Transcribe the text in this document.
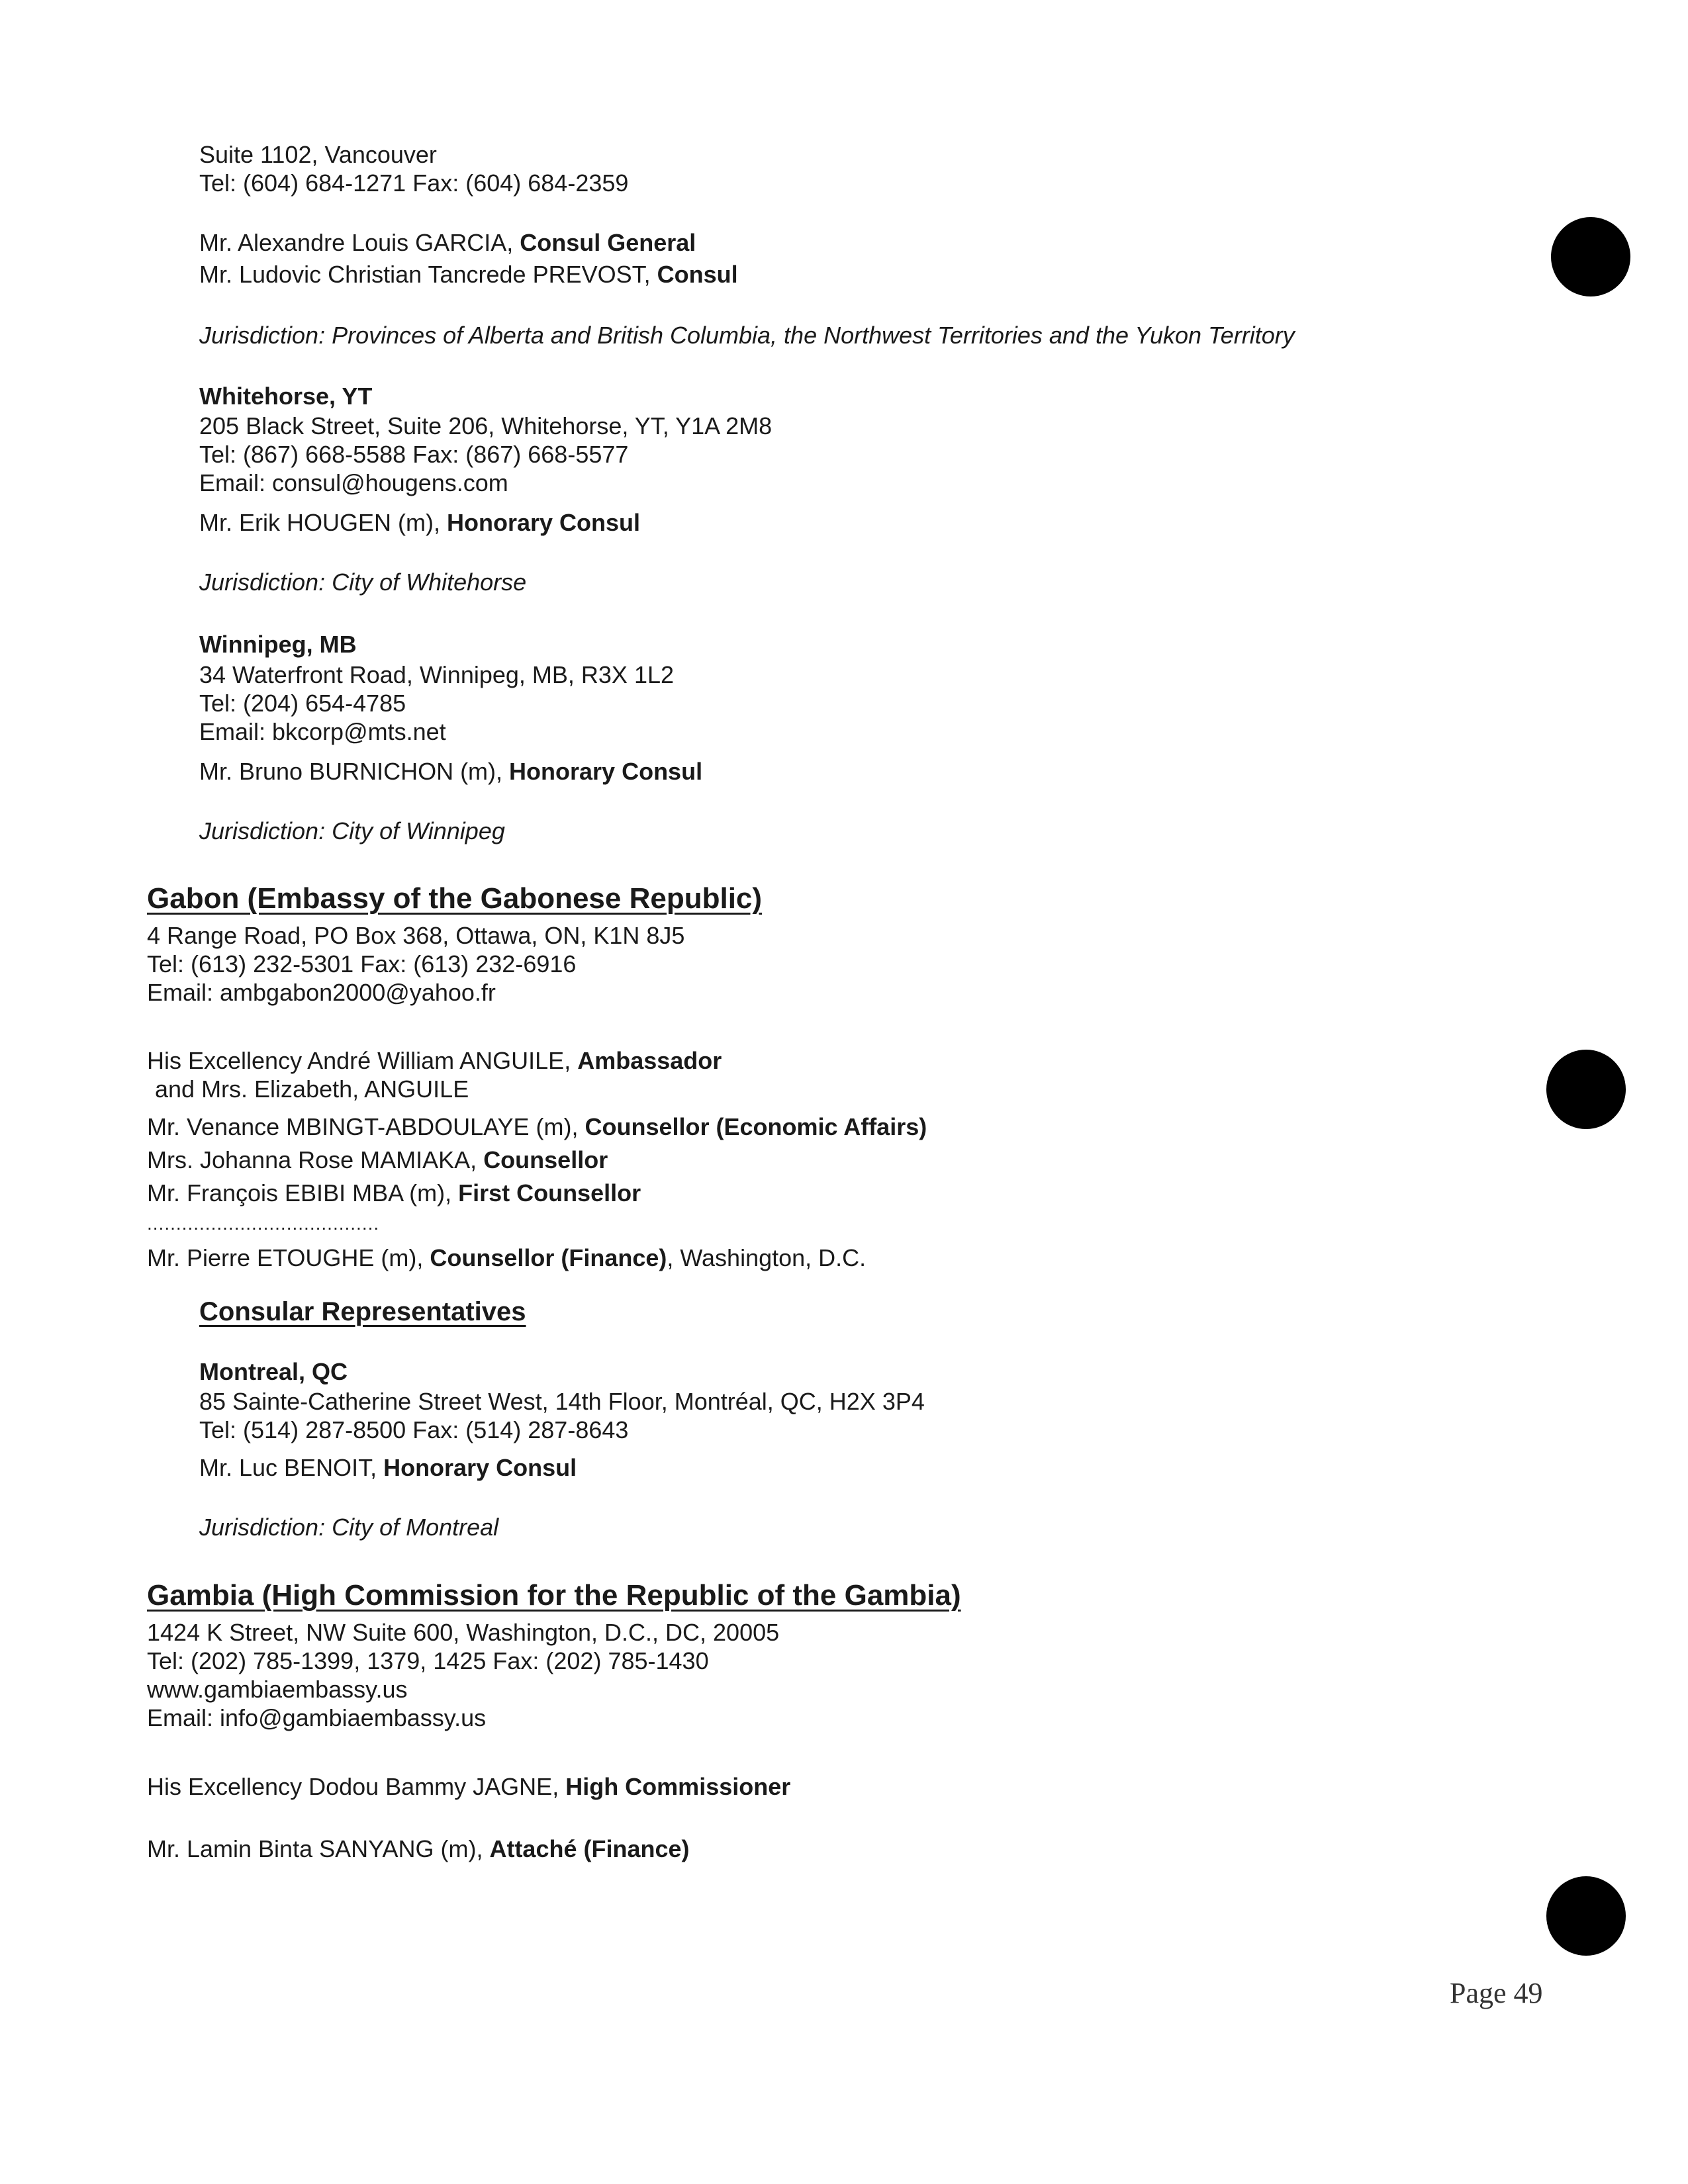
Suite 1102, Vancouver
Tel: (604) 684-1271 Fax: (604) 684-2359
Mr. Alexandre Louis GARCIA, Consul General
Mr. Ludovic Christian Tancrede PREVOST, Consul
Jurisdiction: Provinces of Alberta and British Columbia, the Northwest Territories and the Yukon Territory
Whitehorse, YT
205 Black Street, Suite 206, Whitehorse, YT, Y1A 2M8
Tel: (867) 668-5588 Fax: (867) 668-5577
Email: consul@hougens.com
Mr. Erik HOUGEN (m), Honorary Consul
Jurisdiction: City of Whitehorse
Winnipeg, MB
34 Waterfront Road, Winnipeg, MB, R3X 1L2
Tel: (204) 654-4785
Email: bkcorp@mts.net
Mr. Bruno BURNICHON (m), Honorary Consul
Jurisdiction: City of Winnipeg
Gabon (Embassy of the Gabonese Republic)
4 Range Road, PO Box 368, Ottawa, ON, K1N 8J5
Tel: (613) 232-5301 Fax: (613) 232-6916
Email: ambgabon2000@yahoo.fr
His Excellency André William ANGUILE, Ambassador
and Mrs. Elizabeth, ANGUILE
Mr. Venance MBINGT-ABDOULAYE (m), Counsellor (Economic Affairs)
Mrs. Johanna Rose MAMIAKA, Counsellor
Mr. François EBIBI MBA (m), First Counsellor
........................................
Mr. Pierre ETOUGHE (m), Counsellor (Finance), Washington, D.C.
Consular Representatives
Montreal, QC
85 Sainte-Catherine Street West, 14th Floor, Montréal, QC, H2X 3P4
Tel: (514) 287-8500 Fax: (514) 287-8643
Mr. Luc BENOIT, Honorary Consul
Jurisdiction: City of Montreal
Gambia (High Commission for the Republic of the Gambia)
1424 K Street, NW Suite 600, Washington, D.C., DC, 20005
Tel: (202) 785-1399, 1379, 1425 Fax: (202) 785-1430
www.gambiaembassy.us
Email: info@gambiaembassy.us
His Excellency Dodou Bammy JAGNE, High Commissioner
Mr. Lamin Binta SANYANG (m), Attaché (Finance)
Page 49
